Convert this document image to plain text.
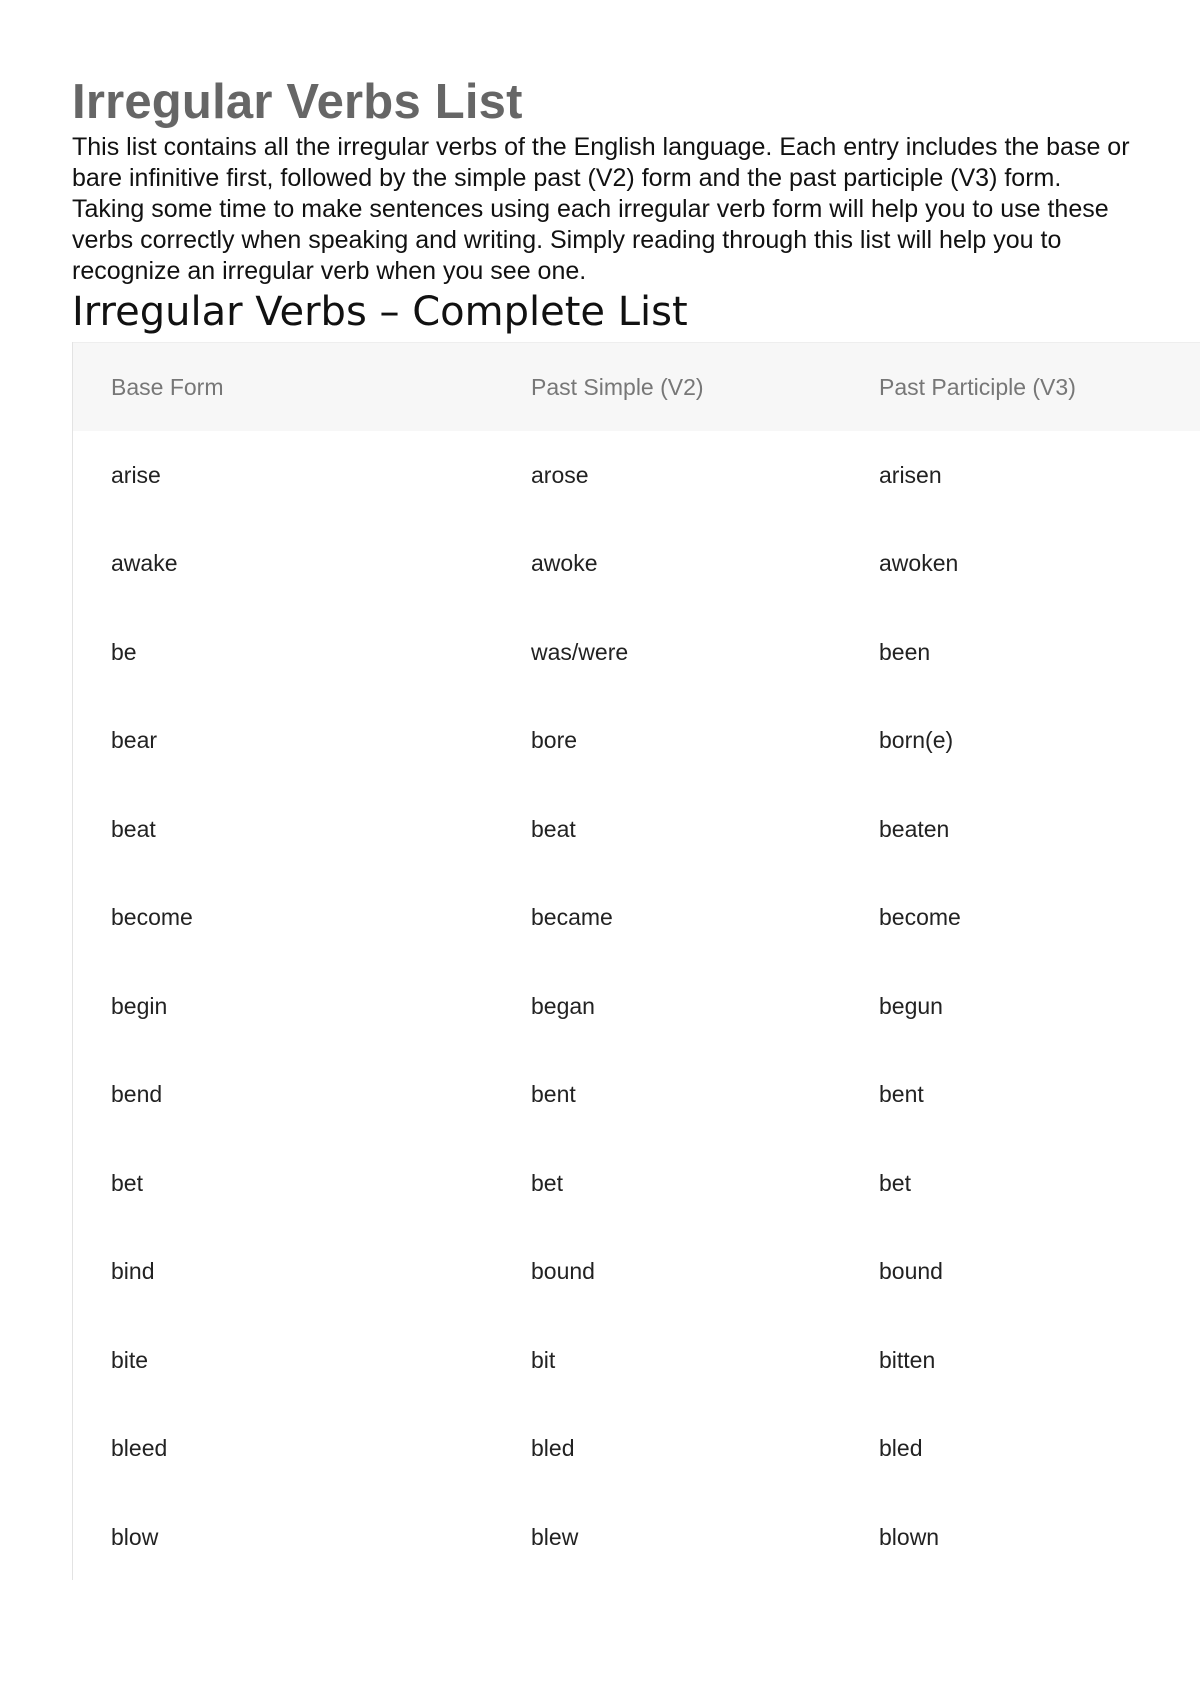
Irregular Verbs List

This list contains all the irregular verbs of the English language. Each entry includes the base or bare infinitive first, followed by the simple past (V2) form and the past participle (V3) form. Taking some time to make sentences using each irregular verb form will help you to use these verbs correctly when speaking and writing. Simply reading through this list will help you to recognize an irregular verb when you see one.

Irregular Verbs – Complete List
Base Form	Past Simple (V2)	Past Participle (V3)
arise	arose	arisen
awake	awoke	awoken
be	was/were	been
bear	bore	born(e)
beat	beat	beaten
become	became	become
begin	began	begun
bend	bent	bent
bet	bet	bet
bind	bound	bound
bite	bit	bitten
bleed	bled	bled
blow	blew	blown
